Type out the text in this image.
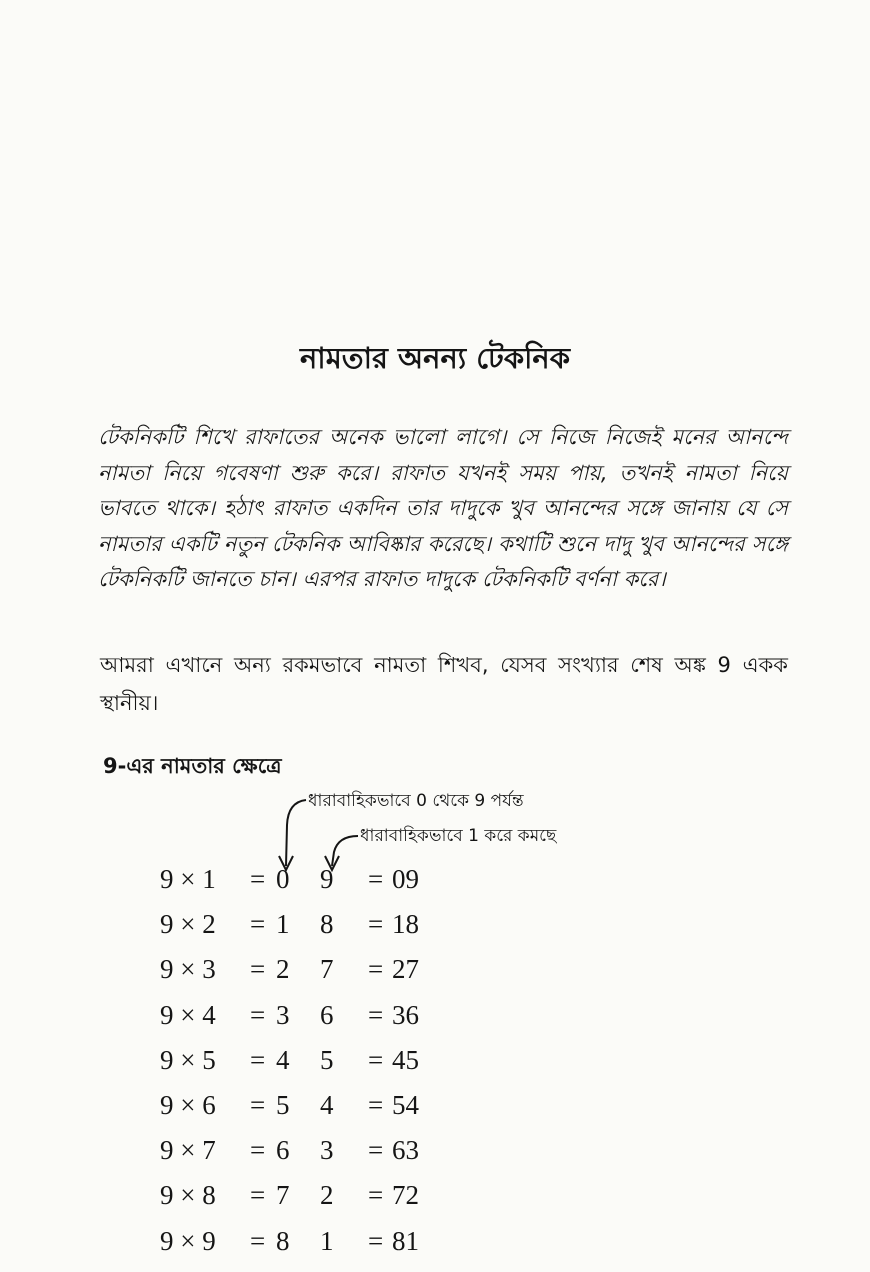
নামতার অনন্য টেকনিক
টেকনিকটি শিখে রাফাতের অনেক ভালো লাগে। সে নিজে নিজেই মনের আনন্দে নামতা নিয়ে গবেষণা শুরু করে। রাফাত যখনই সময় পায়, তখনই নামতা নিয়ে ভাবতে থাকে। হঠাৎ রাফাত একদিন তার দাদুকে খুব আনন্দের সঙ্গে জানায় যে সে নামতার একটি নতুন টেকনিক আবিষ্কার করেছে। কথাটি শুনে দাদু খুব আনন্দের সঙ্গে টেকনিকটি জানতে চান। এরপর রাফাত দাদুকে টেকনিকটি বর্ণনা করে।
আমরা এখানে অন্য রকমভাবে নামতা শিখব, যেসব সংখ্যার শেষ অঙ্ক 9 একক স্থানীয়।
9-এর নামতার ক্ষেত্রে
ধারাবাহিকভাবে 0 থেকে 9 পর্যন্ত
ধারাবাহিকভাবে 1 করে কমছে
9 × 1 = 0 9 = 09
9 × 2 = 1 8 = 18
9 × 3 = 2 7 = 27
9 × 4 = 3 6 = 36
9 × 5 = 4 5 = 45
9 × 6 = 5 4 = 54
9 × 7 = 6 3 = 63
9 × 8 = 7 2 = 72
9 × 9 = 8 1 = 81
